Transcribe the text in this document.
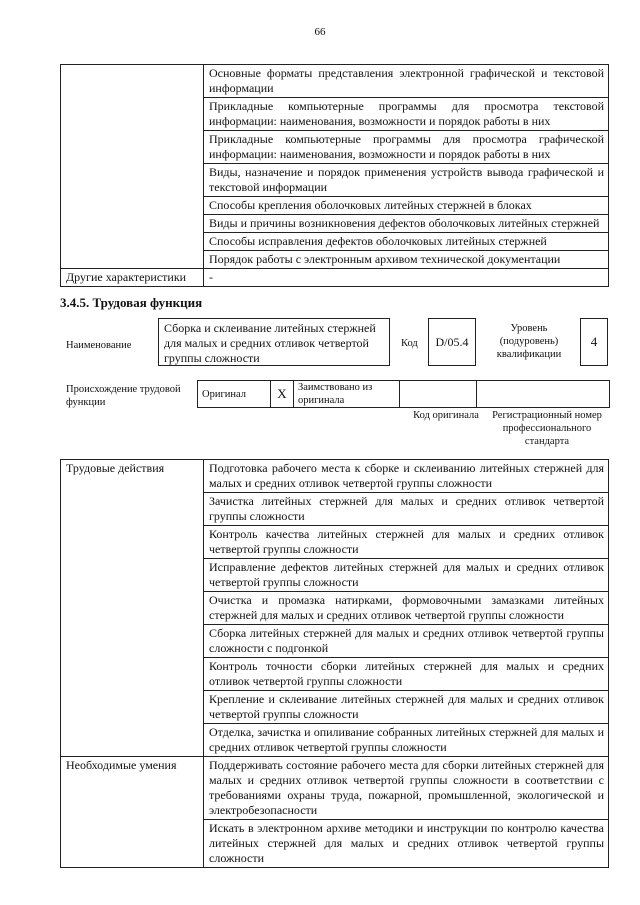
66
	Основные форматы представления электронной графической и текстовой информации
	Прикладные компьютерные программы для просмотра текстовой информации: наименования, возможности и порядок работы в них
	Прикладные компьютерные программы для просмотра графической информации: наименования, возможности и порядок работы в них
	Виды, назначение и порядок применения устройств вывода графической и текстовой информации
	Способы крепления оболочковых литейных стержней в блоках
	Виды и причины возникновения дефектов оболочковых литейных стержней
	Способы исправления дефектов оболочковых литейных стержней
	Порядок работы с электронным архивом технической документации
Другие характеристики	-
3.4.5. Трудовая функция
Наименование
Сборка и склеивание литейных стержней для малых и средних отливок четвертой группы сложности
Код	D/05.4
Уровень (подуровень) квалификации
4
Происхождение трудовой функции
Оригинал	X	Заимствовано из оригинала		
Код оригинала	Регистрационный номер профессионального стандарта
Трудовые действия	Подготовка рабочего места к сборке и склеиванию литейных стержней для малых и средних отливок четвертой группы сложности
	Зачистка литейных стержней для малых и средних отливок четвертой группы сложности
	Контроль качества литейных стержней для малых и средних отливок четвертой группы сложности
	Исправление дефектов литейных стержней для малых и средних отливок четвертой группы сложности
	Очистка и промазка натирками, формовочными замазками литейных стержней для малых и средних отливок четвертой группы сложности
	Сборка литейных стержней для малых и средних отливок четвертой группы сложности с подгонкой
	Контроль точности сборки литейных стержней для малых и средних отливок четвертой группы сложности
	Крепление и склеивание литейных стержней для малых и средних отливок четвертой группы сложности
	Отделка, зачистка и опиливание собранных литейных стержней для малых и средних отливок четвертой группы сложности
Необходимые умения	Поддерживать состояние рабочего места для сборки литейных стержней для малых и средних отливок четвертой группы сложности в соответствии с требованиями охраны труда, пожарной, промышленной, экологической и электробезопасности
	Искать в электронном архиве методики и инструкции по контролю качества литейных стержней для малых и средних отливок четвертой группы сложности
